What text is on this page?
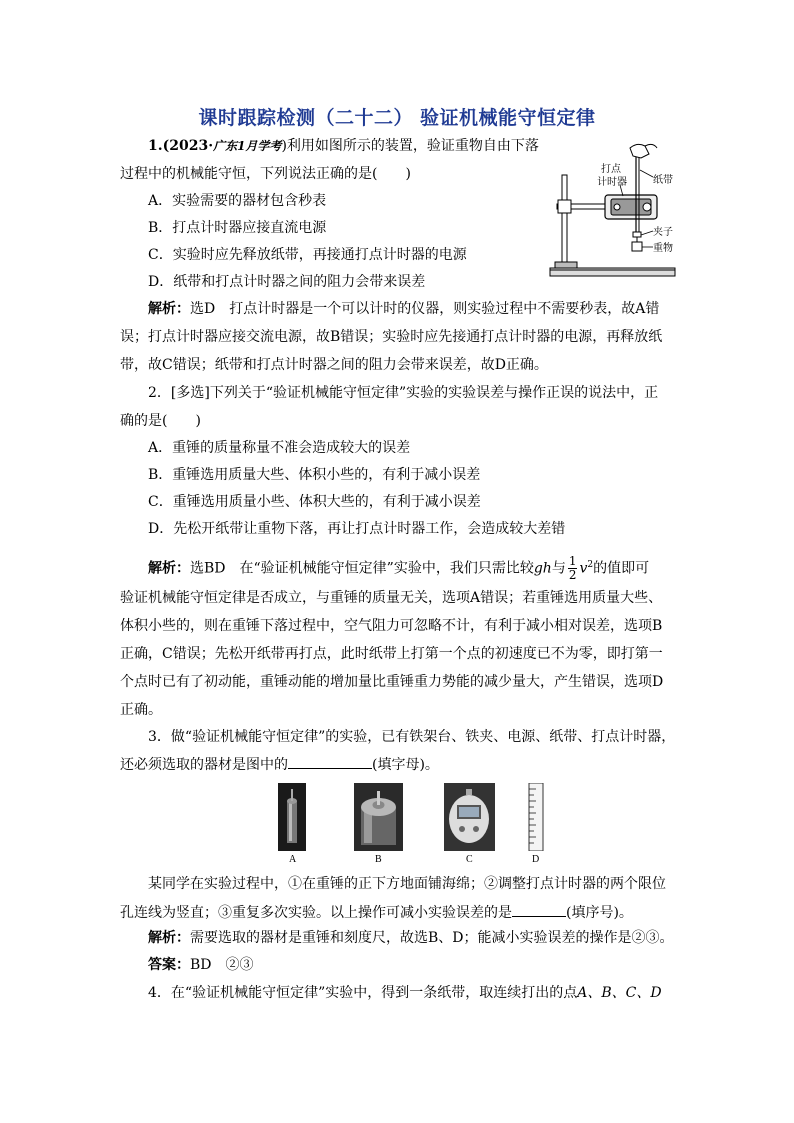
课时跟踪检测（二十二） 验证机械能守恒定律
1.(2023·广东1月学考)利用如图所示的装置，验证重物自由下落
过程中的机械能守恒，下列说法正确的是(　　)
A．实验需要的器材包含秒表
B．打点计时器应接直流电源
C．实验时应先释放纸带，再接通打点计时器的电源
D．纸带和打点计时器之间的阻力会带来误差
打点
计时器	纸带
夹子
重物
解析：选D　打点计时器是一个可以计时的仪器，则实验过程中不需要秒表，故A错
误；打点计时器应接交流电源，故B错误；实验时应先接通打点计时器的电源，再释放纸
带，故C错误；纸带和打点计时器之间的阻力会带来误差，故D正确。
2．[多选]下列关于“验证机械能守恒定律”实验的实验误差与操作正误的说法中，正
确的是(　　)
A．重锤的质量称量不准会造成较大的误差
B．重锤选用质量大些、体积小些的，有利于减小误差
C．重锤选用质量小些、体积大些的，有利于减小误差
D．先松开纸带让重物下落，再让打点计时器工作，会造成较大差错
解析：选BD　在“验证机械能守恒定律”实验中，我们只需比较gh与 $\frac{1}{2} v^2$的值即可
验证机械能守恒定律是否成立，与重锤的质量无关，选项A错误；若重锤选用质量大些、
体积小些的，则在重锤下落过程中，空气阻力可忽略不计，有利于减小相对误差，选项B
正确，C错误；先松开纸带再打点，此时纸带上打第一个点的初速度已不为零，即打第一
个点时已有了初动能，重锤动能的增加量比重锤重力势能的减少量大，产生错误，选项D
正确。
3．做“验证机械能守恒定律”的实验，已有铁架台、铁夹、电源、纸带、打点计时器，
还必须选取的器材是图中的	(填字母)。
A	B	C	D
某同学在实验过程中，①在重锤的正下方地面铺海绵；②调整打点计时器的两个限位
孔连线为竖直；③重复多次实验。以上操作可减小实验误差的是	(填序号)。
解析：需要选取的器材是重锤和刻度尺，故选B、D；能减小实验误差的操作是②③。
答案：BD　②③
4．在“验证机械能守恒定律”实验中，得到一条纸带，取连续打出的点A、B、C、D
